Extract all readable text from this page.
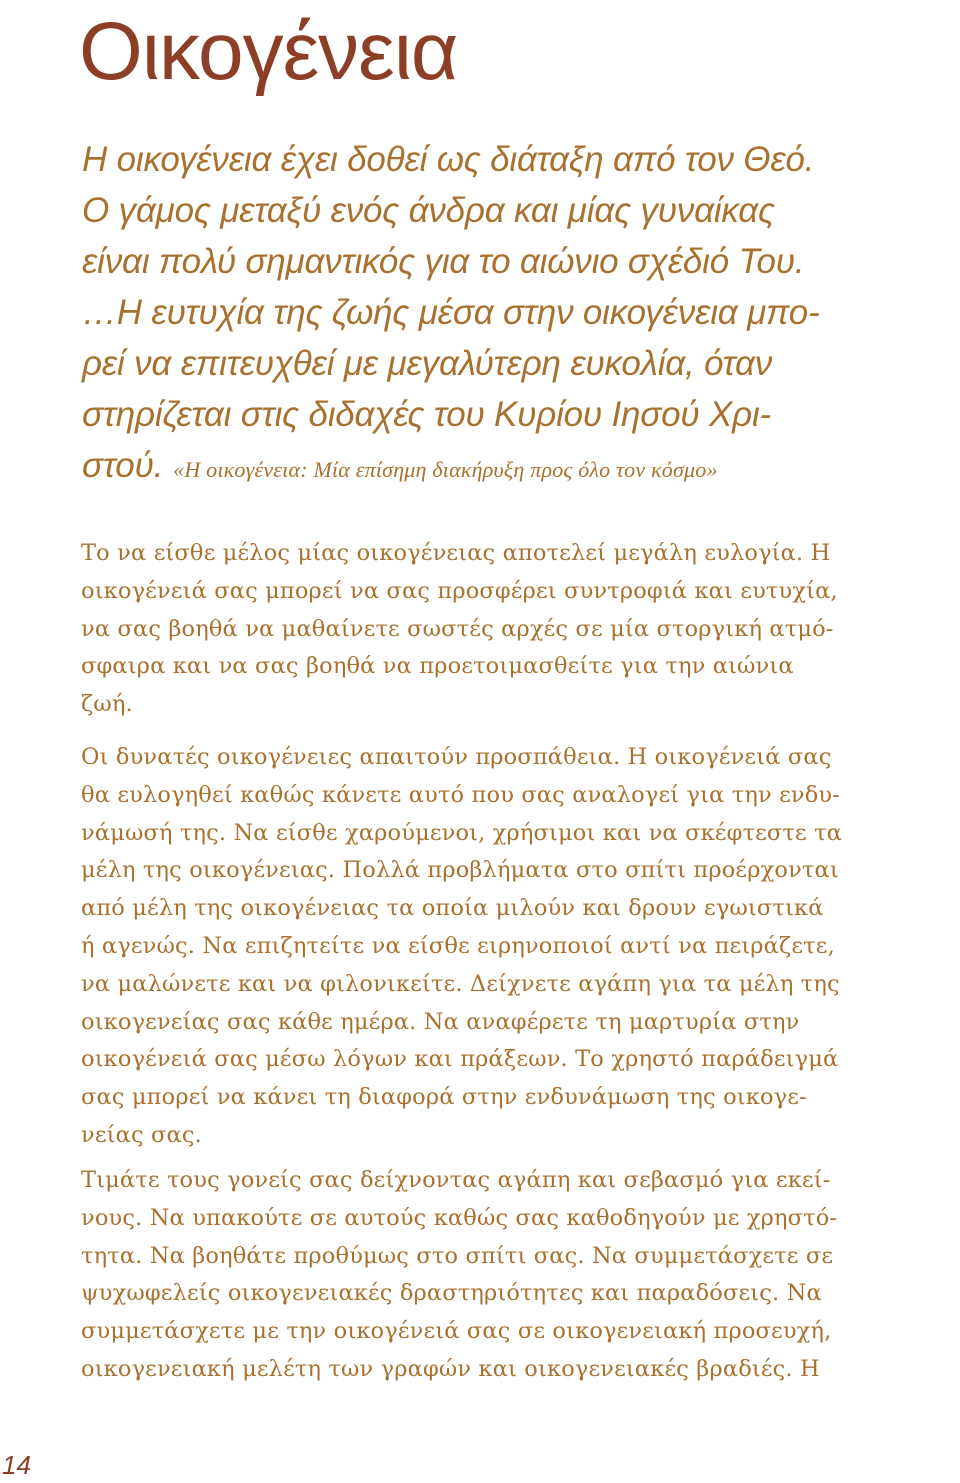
Οικογένεια
Η οικογένεια έχει δοθεί ως διάταξη από τον Θεό.
Ο γάμος μεταξύ ενός άνδρα και μίας γυναίκας
είναι πολύ σημαντικός για το αιώνιο σχέδιό Του.
…Η ευτυχία της ζωής μέσα στην οικογένεια μπο-
ρεί να επιτευχθεί με μεγαλύτερη ευκολία, όταν
στηρίζεται στις διδαχές του Κυρίου Ιησού Χρι-
στού. «Η οικογένεια: Μία επίσημη διακήρυξη προς όλο τον κόσμο»
Το να είσθε μέλος μίας οικογένειας αποτελεί μεγάλη ευλογία. Η
οικογένειά σας μπορεί να σας προσφέρει συντροφιά και ευτυχία,
να σας βοηθά να μαθαίνετε σωστές αρχές σε μία στοργική ατμό-
σφαιρα και να σας βοηθά να προετοιμασθείτε για την αιώνια
ζωή.
Οι δυνατές οικογένειες απαιτούν προσπάθεια. Η οικογένειά σας
θα ευλογηθεί καθώς κάνετε αυτό που σας αναλογεί για την ενδυ-
νάμωσή της. Να είσθε χαρούμενοι, χρήσιμοι και να σκέφτεστε τα
μέλη της οικογένειας. Πολλά προβλήματα στο σπίτι προέρχονται
από μέλη της οικογένειας τα οποία μιλούν και δρουν εγωιστικά
ή αγενώς. Να επιζητείτε να είσθε ειρηνοποιοί αντί να πειράζετε,
να μαλώνετε και να φιλονικείτε. Δείχνετε αγάπη για τα μέλη της
οικογενείας σας κάθε ημέρα. Να αναφέρετε τη μαρτυρία στην
οικογένειά σας μέσω λόγων και πράξεων. Το χρηστό παράδειγμά
σας μπορεί να κάνει τη διαφορά στην ενδυνάμωση της οικογε-
νείας σας.
Τιμάτε τους γονείς σας δείχνοντας αγάπη και σεβασμό για εκεί-
νους. Να υπακούτε σε αυτούς καθώς σας καθοδηγούν με χρηστό-
τητα. Να βοηθάτε προθύμως στο σπίτι σας. Να συμμετάσχετε σε
ψυχωφελείς οικογενειακές δραστηριότητες και παραδόσεις. Να
συμμετάσχετε με την οικογένειά σας σε οικογενειακή προσευχή,
οικογενειακή μελέτη των γραφών και οικογενειακές βραδιές. Η
14
